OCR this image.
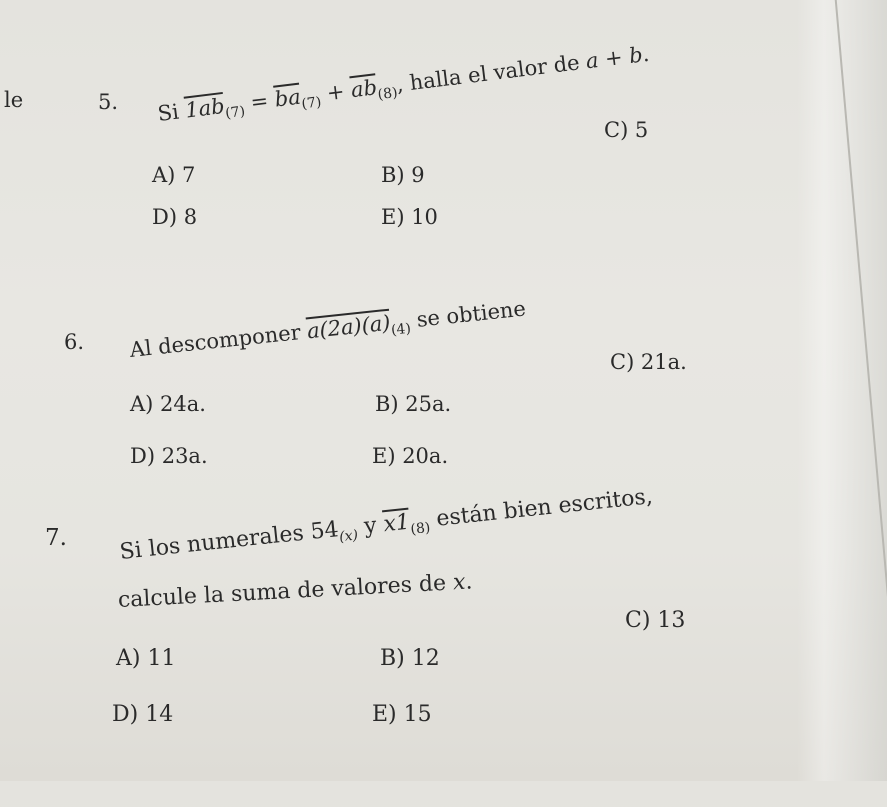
le	5. Si $1ab_{(7)} = \overline{ba}_{(7)} + \overline{ab}_{(8)}$, halla el valor de a + b.
C) 5
A) 7	B) 9
D) 8	E) 10
6. Al descomponer $a(2a)(a)_{(4)}$ se obtiene
C) 21a.
A) 24a.	B) 25a.
D) 23a.	E) 20a.
7. Si los numerales $54_{(x)}$ y $x1_{(8)}$ están bien escritos,
calcule la suma de valores de x.
C) 13
A) 11	B) 12
D) 14	E) 15
